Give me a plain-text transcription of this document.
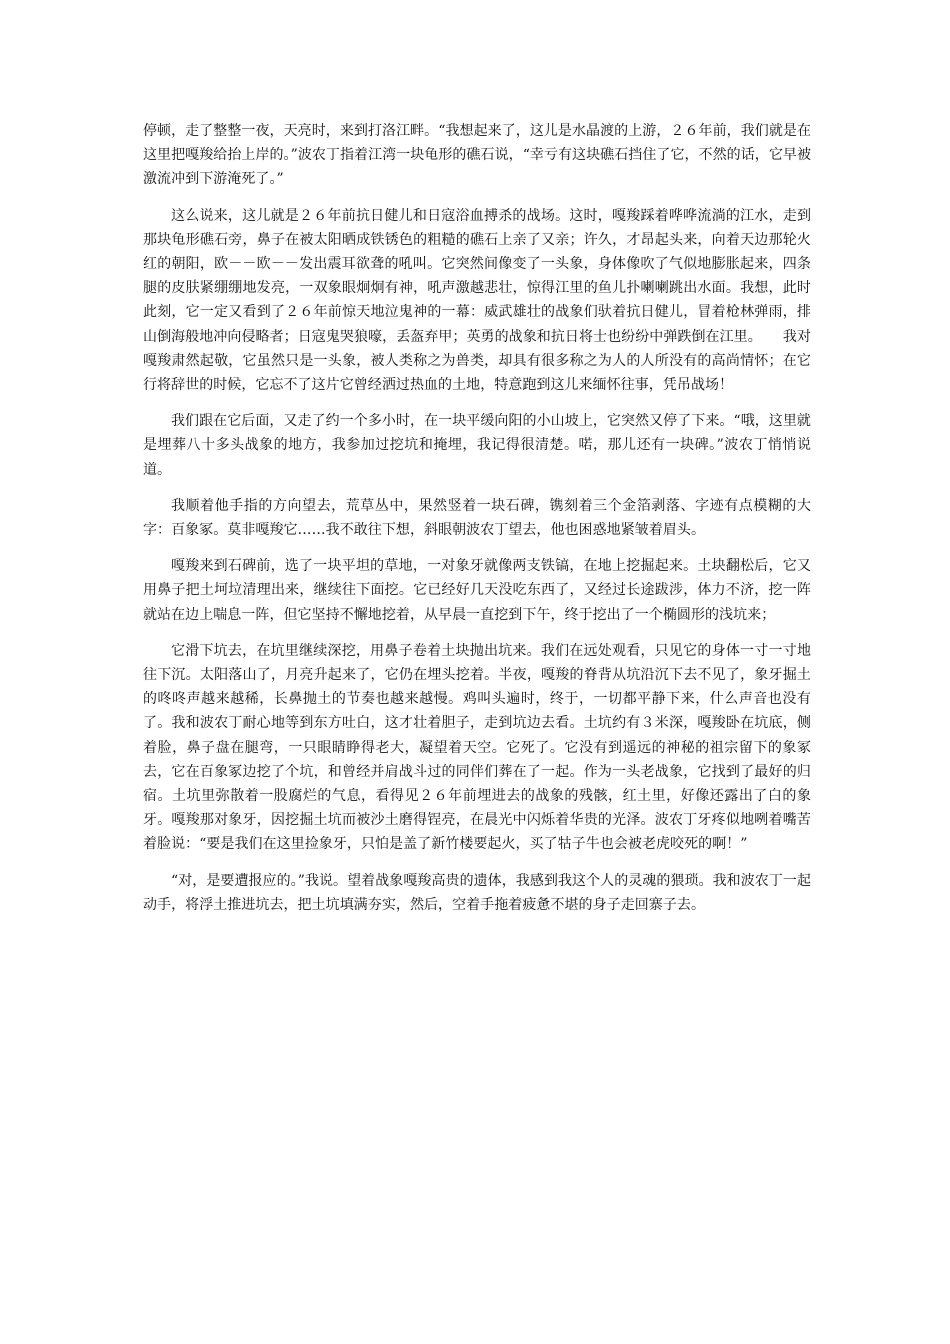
停顿，走了整整一夜，天亮时，来到打洛江畔。“我想起来了，这儿是水晶渡的上游，２６年前，我们就是在这里把嘎羧给抬上岸的。”波农丁指着江湾一块龟形的礁石说，“幸亏有这块礁石挡住了它，不然的话，它早被激流冲到下游淹死了。”

这么说来，这儿就是２６年前抗日健儿和日寇浴血搏杀的战场。这时，嘎羧踩着哗哗流淌的江水，走到那块龟形礁石旁，鼻子在被太阳晒成铁锈色的粗糙的礁石上亲了又亲；许久，才昂起头来，向着天边那轮火红的朝阳，欧－－欧－－发出震耳欲聋的吼叫。它突然间像变了一头象，身体像吹了气似地膨胀起来，四条腿的皮肤紧绷绷地发亮，一双象眼炯炯有神，吼声激越悲壮，惊得江里的鱼儿扑喇喇跳出水面。我想，此时此刻，它一定又看到了２６年前惊天地泣鬼神的一幕：威武雄壮的战象们驮着抗日健儿，冒着枪林弹雨，排山倒海般地冲向侵略者；日寇鬼哭狼嚎，丢盔弃甲；英勇的战象和抗日将士也纷纷中弹跌倒在江里。　　我对嘎羧肃然起敬，它虽然只是一头象，被人类称之为兽类，却具有很多称之为人的人所没有的高尚情怀；在它行将辞世的时候，它忘不了这片它曾经洒过热血的土地，特意跑到这儿来缅怀往事，凭吊战场！

我们跟在它后面，又走了约一个多小时，在一块平缓向阳的小山坡上，它突然又停了下来。“哦，这里就是埋葬八十多头战象的地方，我参加过挖坑和掩埋，我记得很清楚。喏，那儿还有一块碑。”波农丁悄悄说道。

我顺着他手指的方向望去，荒草丛中，果然竖着一块石碑，镌刻着三个金箔剥落、字迹有点模糊的大字：百象冢。莫非嘎羧它……我不敢往下想，斜眼朝波农丁望去，他也困惑地紧皱着眉头。

嘎羧来到石碑前，选了一块平坦的草地，一对象牙就像两支铁镐，在地上挖掘起来。土块翻松后，它又用鼻子把土坷垃清理出来，继续往下面挖。它已经好几天没吃东西了，又经过长途跋涉，体力不济，挖一阵就站在边上喘息一阵，但它坚持不懈地挖着，从早晨一直挖到下午，终于挖出了一个椭圆形的浅坑来；

它滑下坑去，在坑里继续深挖，用鼻子卷着土块抛出坑来。我们在远处观看，只见它的身体一寸一寸地往下沉。太阳落山了，月亮升起来了，它仍在埋头挖着。半夜，嘎羧的脊背从坑沿沉下去不见了，象牙掘土的咚咚声越来越稀，长鼻抛土的节奏也越来越慢。鸡叫头遍时，终于，一切都平静下来，什么声音也没有了。我和波农丁耐心地等到东方吐白，这才壮着胆子，走到坑边去看。土坑约有３米深，嘎羧卧在坑底，侧着脸，鼻子盘在腿弯，一只眼睛睁得老大，凝望着天空。它死了。它没有到遥远的神秘的祖宗留下的象冢去，它在百象冢边挖了个坑，和曾经并肩战斗过的同伴们葬在了一起。作为一头老战象，它找到了最好的归宿。土坑里弥散着一股腐烂的气息，看得见２６年前埋进去的战象的残骸，红土里，好像还露出了白的象牙。嘎羧那对象牙，因挖掘土坑而被沙土磨得锃亮，在晨光中闪烁着华贵的光泽。波农丁牙疼似地咧着嘴苦着脸说：“要是我们在这里捡象牙，只怕是盖了新竹楼要起火，买了牯子牛也会被老虎咬死的啊！”

“对，是要遭报应的。”我说。望着战象嘎羧高贵的遗体，我感到我这个人的灵魂的猥琐。我和波农丁一起动手，将浮土推进坑去，把土坑填满夯实，然后，空着手拖着疲惫不堪的身子走回寨子去。
